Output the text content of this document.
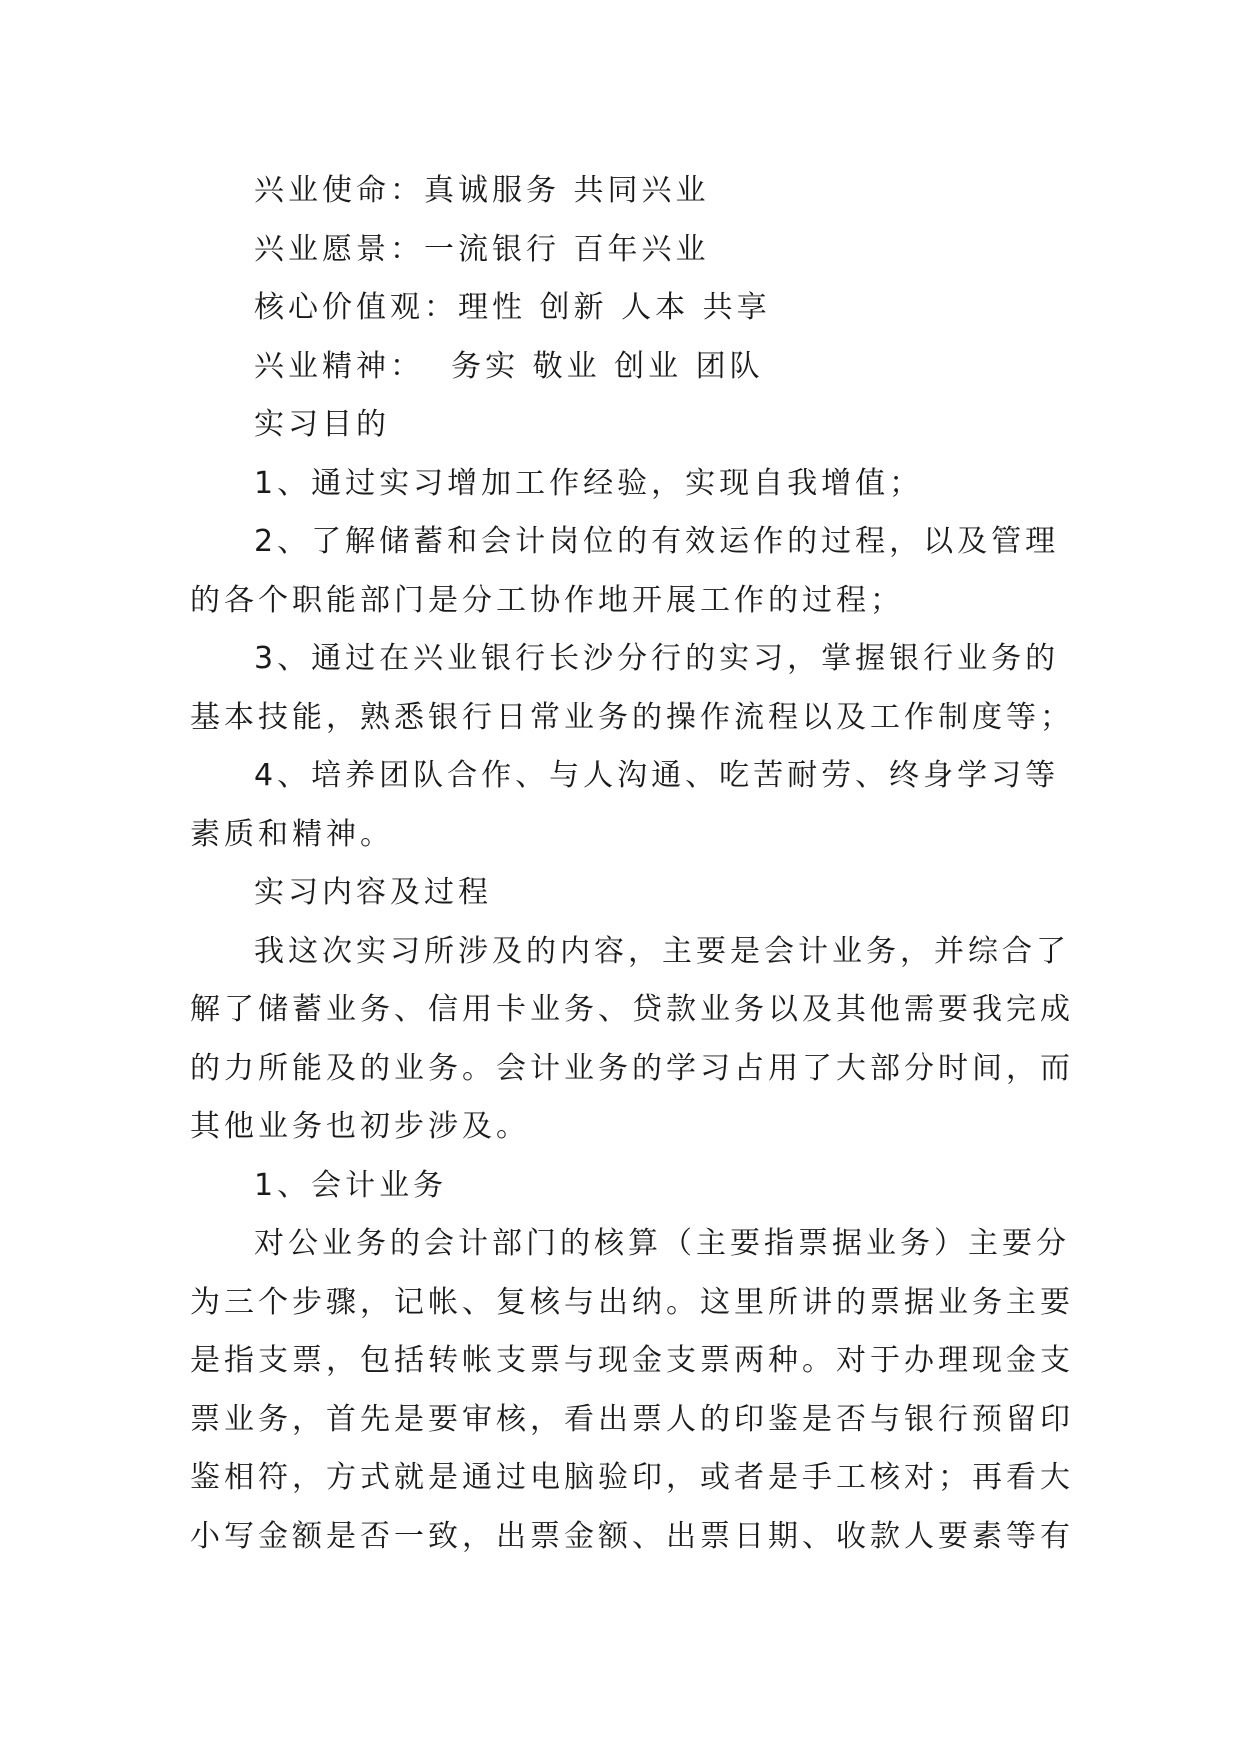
兴业使命：真诚服务 共同兴业
兴业愿景：一流银行 百年兴业
核心价值观：理性 创新 人本 共享
兴业精神：  务实 敬业 创业 团队
实习目的
1、通过实习增加工作经验，实现自我增值；
2、了解储蓄和会计岗位的有效运作的过程，以及管理
的各个职能部门是分工协作地开展工作的过程；
3、通过在兴业银行长沙分行的实习，掌握银行业务的
基本技能，熟悉银行日常业务的操作流程以及工作制度等；
4、培养团队合作、与人沟通、吃苦耐劳、终身学习等
素质和精神。
实习内容及过程
我这次实习所涉及的内容，主要是会计业务，并综合了
解了储蓄业务、信用卡业务、贷款业务以及其他需要我完成
的力所能及的业务。会计业务的学习占用了大部分时间，而
其他业务也初步涉及。
1、会计业务
对公业务的会计部门的核算（主要指票据业务）主要分
为三个步骤，记帐、复核与出纳。这里所讲的票据业务主要
是指支票，包括转帐支票与现金支票两种。对于办理现金支
票业务，首先是要审核，看出票人的印鉴是否与银行预留印
鉴相符，方式就是通过电脑验印，或者是手工核对；再看大
小写金额是否一致，出票金额、出票日期、收款人要素等有
